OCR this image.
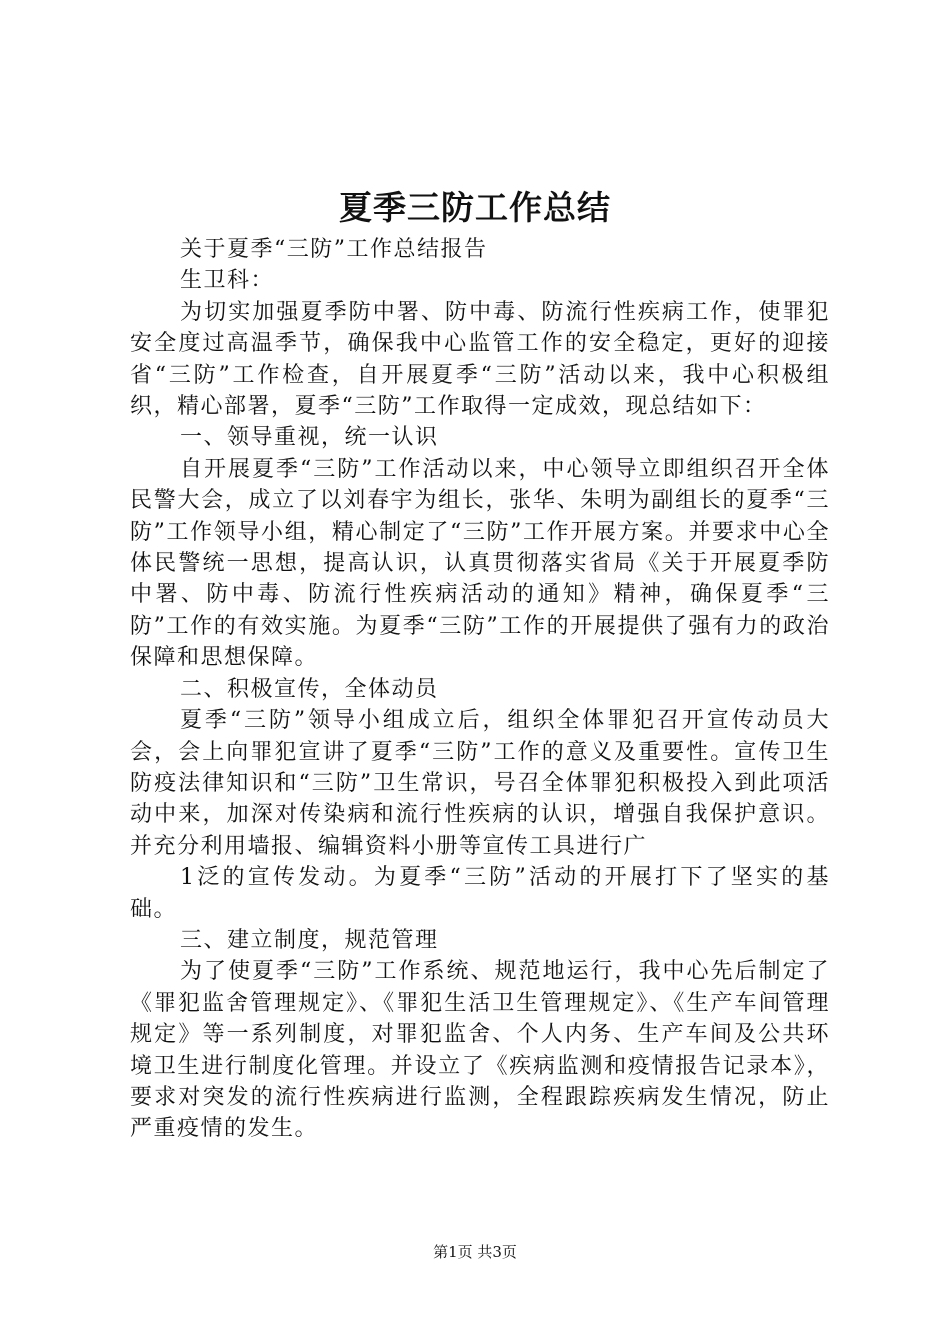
夏季三防工作总结

关于夏季“三防”工作总结报告

生卫科：

为切实加强夏季防中署、防中毒、防流行性疾病工作，使罪犯安全度过高温季节，确保我中心监管工作的安全稳定，更好的迎接省“三防”工作检查，自开展夏季“三防”活动以来，我中心积极组织，精心部署，夏季“三防”工作取得一定成效，现总结如下：

一、领导重视，统一认识

自开展夏季“三防”工作活动以来，中心领导立即组织召开全体民警大会，成立了以刘春宇为组长，张华、朱明为副组长的夏季“三防”工作领导小组，精心制定了“三防”工作开展方案。并要求中心全体民警统一思想，提高认识，认真贯彻落实省局《关于开展夏季防中署、防中毒、防流行性疾病活动的通知》精神，确保夏季“三防”工作的有效实施。为夏季“三防”工作的开展提供了强有力的政治保障和思想保障。

二、积极宣传，全体动员

夏季“三防”领导小组成立后，组织全体罪犯召开宣传动员大会，会上向罪犯宣讲了夏季“三防”工作的意义及重要性。宣传卫生防疫法律知识和“三防”卫生常识，号召全体罪犯积极投入到此项活动中来，加深对传染病和流行性疾病的认识，增强自我保护意识。并充分利用墙报、编辑资料小册等宣传工具进行广

1泛的宣传发动。为夏季“三防”活动的开展打下了坚实的基础。

三、建立制度，规范管理

为了使夏季“三防”工作系统、规范地运行，我中心先后制定了《罪犯监舍管理规定》、《罪犯生活卫生管理规定》、《生产车间管理规定》等一系列制度，对罪犯监舍、个人内务、生产车间及公共环境卫生进行制度化管理。并设立了《疾病监测和疫情报告记录本》，要求对突发的流行性疾病进行监测，全程跟踪疾病发生情况，防止严重疫情的发生。

第1页 共3页
